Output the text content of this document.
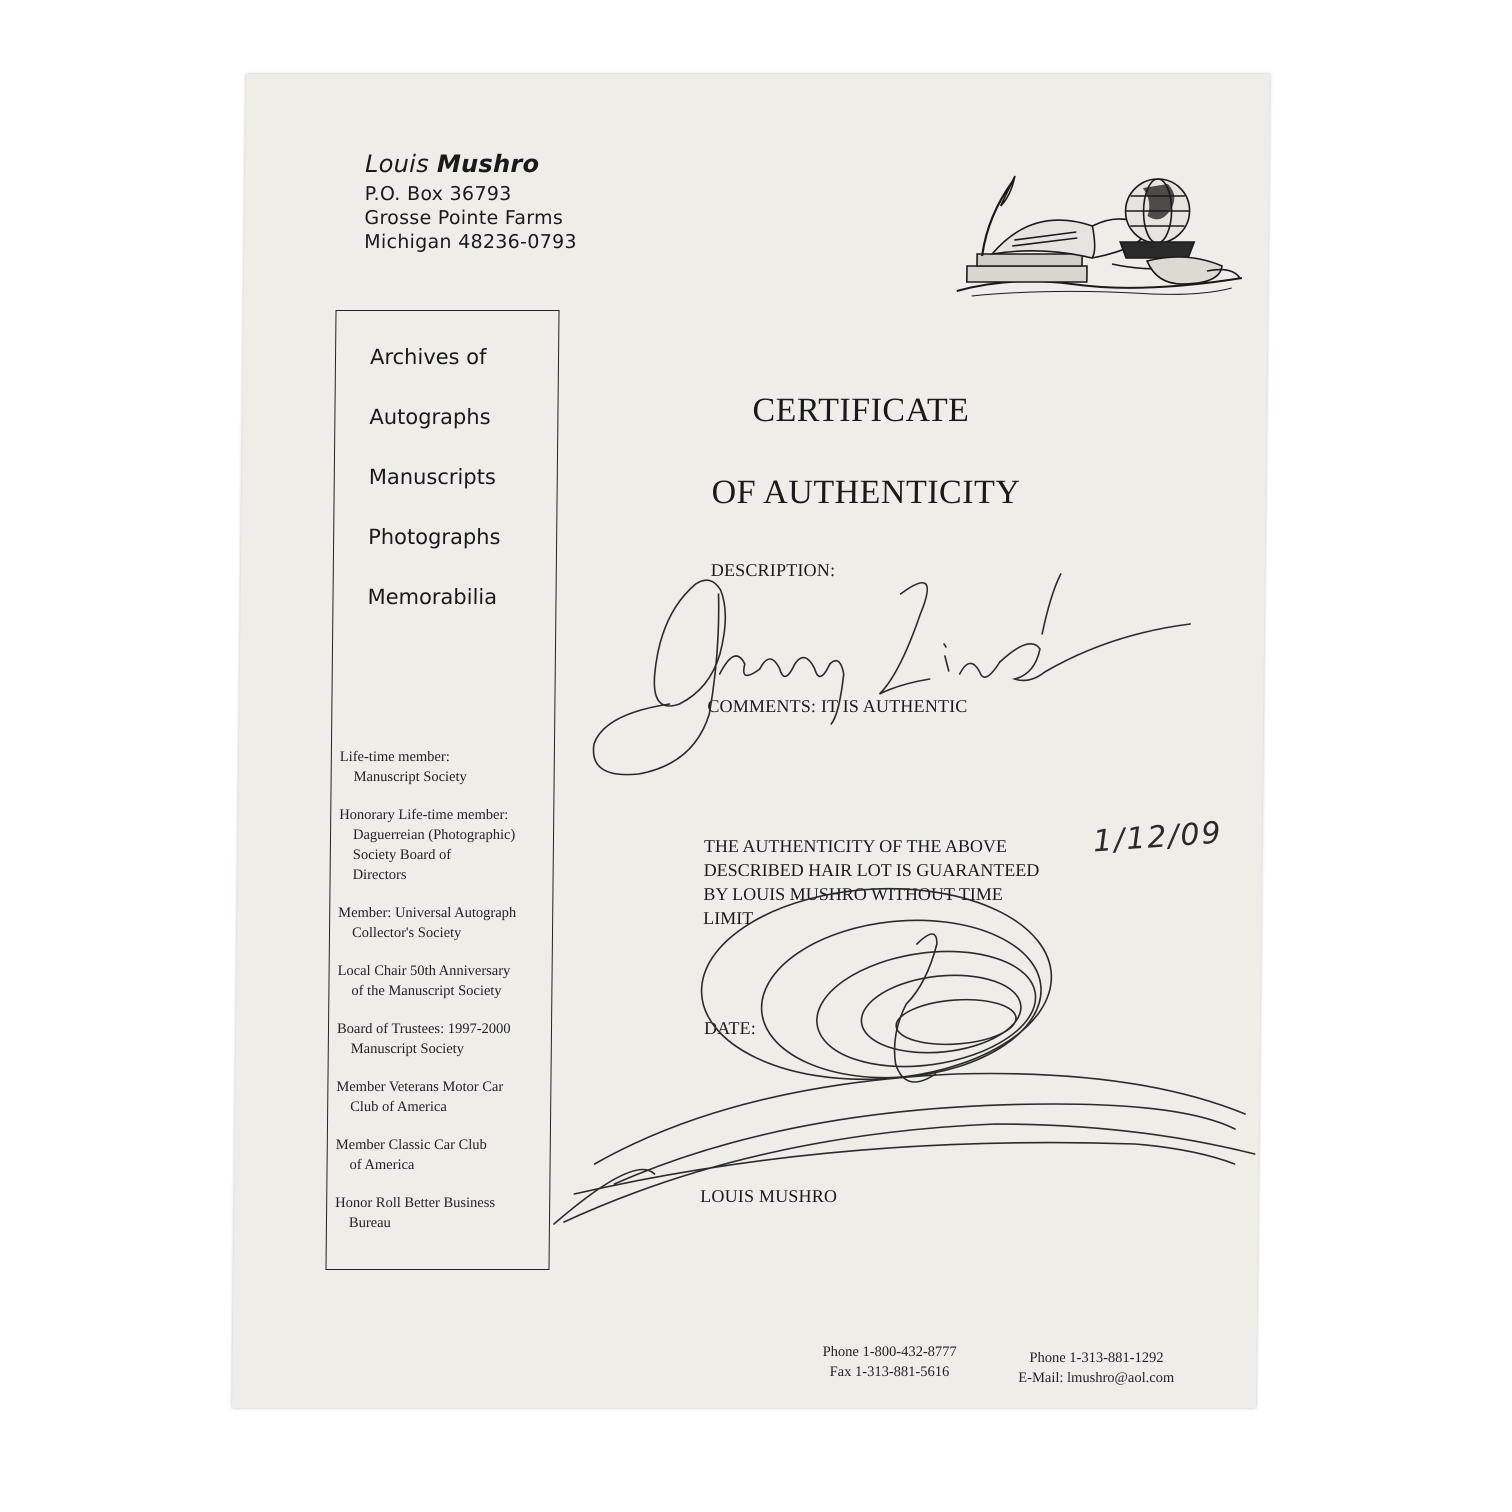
Louis Mushro
P.O. Box 36793
Grosse Pointe Farms
Michigan 48236-0793
Archives of
Autographs
Manuscripts
Photographs
Memorabilia
Life-time member:
Manuscript Society
Honorary Life-time member:
Daguerreian (Photographic)
Society Board of
Directors
Member: Universal Autograph
Collector's Society
Local Chair 50th Anniversary
of the Manuscript Society
Board of Trustees: 1997-2000
Manuscript Society
Member Veterans Motor Car
Club of America
Member Classic Car Club
of America
Honor Roll Better Business
Bureau
CERTIFICATE
OF AUTHENTICITY
DESCRIPTION:
COMMENTS: IT IS AUTHENTIC
THE AUTHENTICITY OF THE ABOVE
DESCRIBED HAIR LOT IS GUARANTEED
BY LOUIS MUSHRO WITHOUT TIME
LIMIT
1/12/09
DATE:
LOUIS MUSHRO
Phone 1-800-432-8777
Fax 1-313-881-5616
Phone 1-313-881-1292
E-Mail: lmushro@aol.com
